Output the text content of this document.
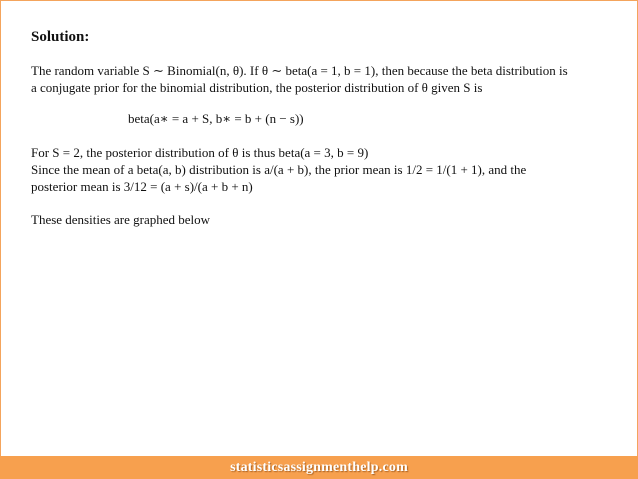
Solution:

The random variable S ∼ Binomial(n, θ). If θ ∼ beta(a = 1, b = 1), then because the beta distribution is

a conjugate prior for the binomial distribution, the posterior distribution of θ given S is

beta(a∗ = a + S, b∗ = b + (n − s))

For S = 2, the posterior distribution of θ is thus beta(a = 3, b = 9)

Since the mean of a beta(a, b) distribution is a/(a + b), the prior mean is 1/2 = 1/(1 + 1), and the

posterior mean is 3/12 = (a + s)/(a + b + n)

These densities are graphed below

statisticsassignmenthelp.com
